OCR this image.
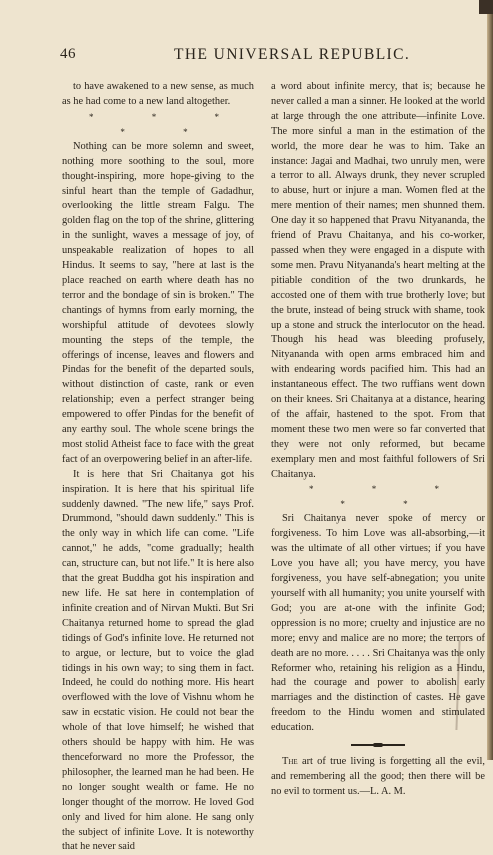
46	THE UNIVERSAL REPUBLIC.

to have awakened to a new sense, as much as he had come to a new land altogether.

* * * * *

Nothing can be more solemn and sweet, nothing more soothing to the soul, more thought-inspiring, more hope-giving to the sinful heart than the temple of Gadadhur, overlooking the little stream Falgu. The golden flag on the top of the shrine, glittering in the sunlight, waves a message of joy, of unspeakable realization of hopes to all Hindus. It seems to say, "here at last is the place reached on earth where death has no terror and the bondage of sin is broken." The chantings of hymns from early morning, the worshipful attitude of devotees slowly mounting the steps of the temple, the offerings of incense, leaves and flowers and Pindas for the benefit of the departed souls, without distinction of caste, rank or even relationship; even a perfect stranger being empowered to offer Pindas for the benefit of any earthy soul. The whole scene brings the most stolid Atheist face to face with the great fact of an overpowering belief in an after-life.

It is here that Sri Chaitanya got his inspiration. It is here that his spiritual life suddenly dawned. "The new life," says Prof. Drummond, "should dawn suddenly." This is the only way in which life can come. "Life cannot," he adds, "come gradually; health can, structure can, but not life." It is here also that the great Buddha got his inspiration and new life. He sat here in contemplation of infinite creation and of Nirvan Mukti. But Sri Chaitanya returned home to spread the glad tidings of God's infinite love. He returned not to argue, or lecture, but to voice the glad tidings in his own way; to sing them in fact. Indeed, he could do nothing more. His heart overflowed with the love of Vishnu whom he saw in ecstatic vision. He could not bear the whole of that love himself; he wished that others should be happy with him. He was thenceforward no more the Professor, the philosopher, the learned man he had been. He no longer sought wealth or fame. He no longer thought of the morrow. He loved God only and lived for him alone. He sang only the subject of infinite Love. It is noteworthy that he never said

a word about infinite mercy, that is; because he never called a man a sinner. He looked at the world at large through the one attribute—infinite Love. The more sinful a man in the estimation of the world, the more dear he was to him. Take an instance: Jagai and Madhai, two unruly men, were a terror to all. Always drunk, they never scrupled to abuse, hurt or injure a man. Women fled at the mere mention of their names; men shunned them. One day it so happened that Pravu Nityananda, the friend of Pravu Chaitanya, and his co-worker, passed when they were engaged in a dispute with some men. Pravu Nityananda's heart melting at the pitiable condition of the two drunkards, he accosted one of them with true brotherly love; but the brute, instead of being struck with shame, took up a stone and struck the interlocutor on the head. Though his head was bleeding profusely, Nityananda with open arms embraced him and with endearing words pacified him. This had an instantaneous effect. The two ruffians went down on their knees. Sri Chaitanya at a distance, hearing of the affair, hastened to the spot. From that moment these two men were so far converted that they were not only reformed, but became exemplary men and most faithful followers of Sri Chaitanya.

* * * * *

Sri Chaitanya never spoke of mercy or forgiveness. To him Love was all-absorbing,—it was the ultimate of all other virtues; if you have Love you have all; you have mercy, you have forgiveness, you have self-abnegation; you unite yourself with all humanity; you unite yourself with God; you are at-one with the infinite God; oppression is no more; cruelty and injustice are no more; envy and malice are no more; the terrors of death are no more. . . . . Sri Chaitanya was the only Reformer who, retaining his religion as a Hindu, had the courage and power to abolish early marriages and the distinction of castes. He gave freedom to the Hindu women and stimulated education.

The art of true living is forgetting all the evil, and remembering all the good; then there will be no evil to torment us.—L. A. M.
